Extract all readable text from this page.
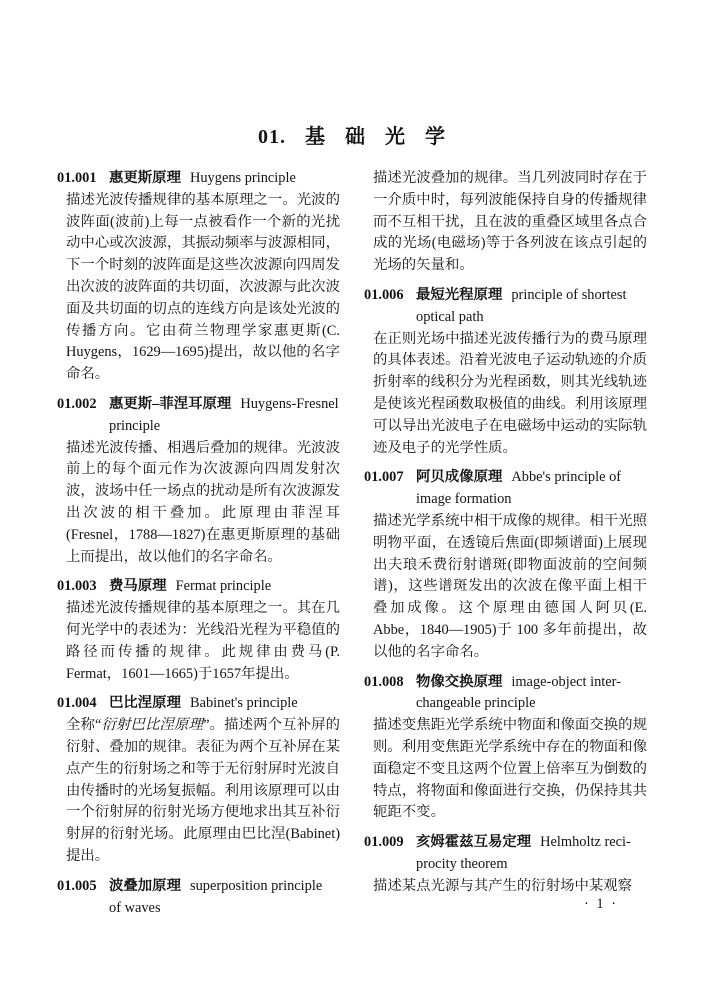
01. 基 础 光 学
01.001 惠更斯原理 Huygens principle

描述光波传播规律的基本原理之一。光波的波阵面(波前)上每一点被看作一个新的光扰动中心或次波源，其振动频率与波源相同，下一个时刻的波阵面是这些次波源向四周发出次波的波阵面的共切面，次波源与此次波面及共切面的切点的连线方向是该处光波的传播方向。它由荷兰物理学家惠更斯(C. Huygens，1629—1695)提出，故以他的名字命名。

01.002 惠更斯–菲涅耳原理 Huygens-Fresnel
principle

描述光波传播、相遇后叠加的规律。光波波前上的每个面元作为次波源向四周发射次波，波场中任一场点的扰动是所有次波源发出次波的相干叠加。此原理由菲涅耳(Fresnel，1788—1827)在惠更斯原理的基础上而提出，故以他们的名字命名。

01.003 费马原理 Fermat principle

描述光波传播规律的基本原理之一。其在几何光学中的表述为：光线沿光程为平稳值的路径而传播的规律。此规律由费马(P. Fermat，1601—1665)于1657年提出。

01.004 巴比涅原理 Babinet's principle

全称“衍射巴比涅原理”。描述两个互补屏的衍射、叠加的规律。表征为两个互补屏在某点产生的衍射场之和等于无衍射屏时光波自由传播时的光场复振幅。利用该原理可以由一个衍射屏的衍射光场方便地求出其互补衍射屏的衍射光场。此原理由巴比涅(Babinet)提出。

01.005 波叠加原理 superposition principle
of waves

描述光波叠加的规律。当几列波同时存在于一介质中时，每列波能保持自身的传播规律而不互相干扰，且在波的重叠区域里各点合成的光场(电磁场)等于各列波在该点引起的光场的矢量和。

01.006 最短光程原理 principle of shortest
optical path

在正则光场中描述光波传播行为的费马原理的具体表述。沿着光波电子运动轨迹的介质折射率的线积分为光程函数，则其光线轨迹是使该光程函数取极值的曲线。利用该原理可以导出光波电子在电磁场中运动的实际轨迹及电子的光学性质。

01.007 阿贝成像原理 Abbe's principle of
image formation

描述光学系统中相干成像的规律。相干光照明物平面，在透镜后焦面(即频谱面)上展现出夫琅禾费衍射谱斑(即物面波前的空间频谱)，这些谱斑发出的次波在像平面上相干叠加成像。这个原理由德国人阿贝(E. Abbe，1840—1905)于 100 多年前提出，故以他的名字命名。

01.008 物像交换原理 image-object inter-
changeable principle

描述变焦距光学系统中物面和像面交换的规则。利用变焦距光学系统中存在的物面和像面稳定不变且这两个位置上倍率互为倒数的特点，将物面和像面进行交换，仍保持其共轭距不变。

01.009 亥姆霍兹互易定理 Helmholtz reci-
procity theorem

描述某点光源与其产生的衍射场中某观察

· 1 ·
